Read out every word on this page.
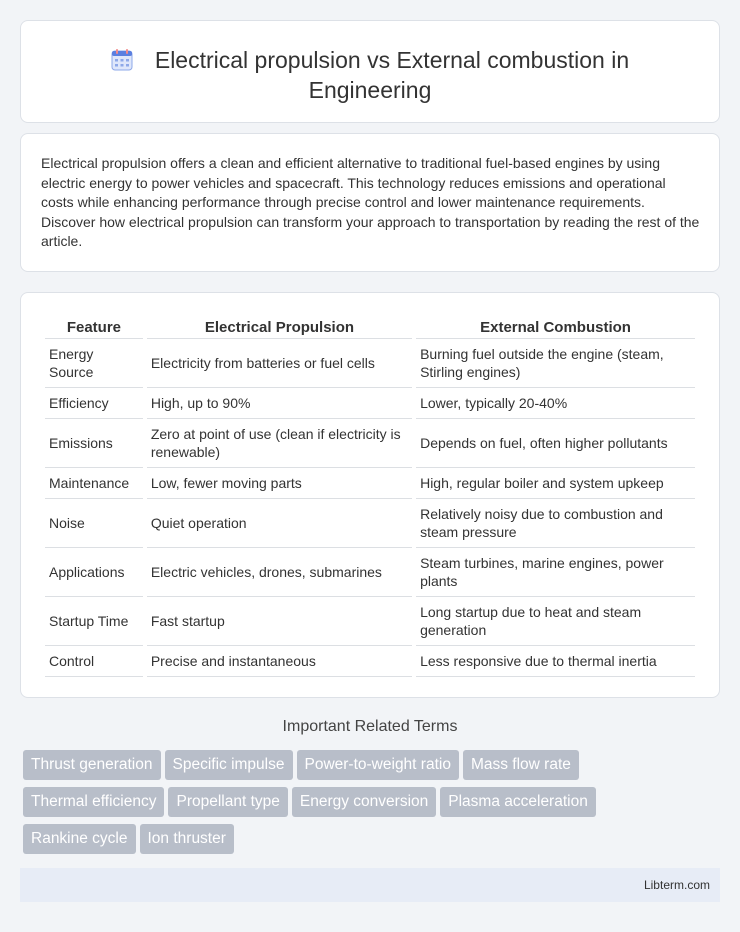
Electrical propulsion vs External combustion in Engineering

Electrical propulsion offers a clean and efficient alternative to traditional fuel-based engines by using electric energy to power vehicles and spacecraft. This technology reduces emissions and operational costs while enhancing performance through precise control and lower maintenance requirements. Discover how electrical propulsion can transform your approach to transportation by reading the rest of the article.

Feature	Electrical Propulsion	External Combustion
Energy Source	Electricity from batteries or fuel cells	Burning fuel outside the engine (steam, Stirling engines)
Efficiency	High, up to 90%	Lower, typically 20-40%
Emissions	Zero at point of use (clean if electricity is renewable)	Depends on fuel, often higher pollutants
Maintenance	Low, fewer moving parts	High, regular boiler and system upkeep
Noise	Quiet operation	Relatively noisy due to combustion and steam pressure
Applications	Electric vehicles, drones, submarines	Steam turbines, marine engines, power plants
Startup Time	Fast startup	Long startup due to heat and steam generation
Control	Precise and instantaneous	Less responsive due to thermal inertia
Important Related Terms
Thrust generation Specific impulse Power-to-weight ratio Mass flow rate
Thermal efficiency Propellant type Energy conversion Plasma acceleration
Rankine cycle Ion thruster
Libterm.com
